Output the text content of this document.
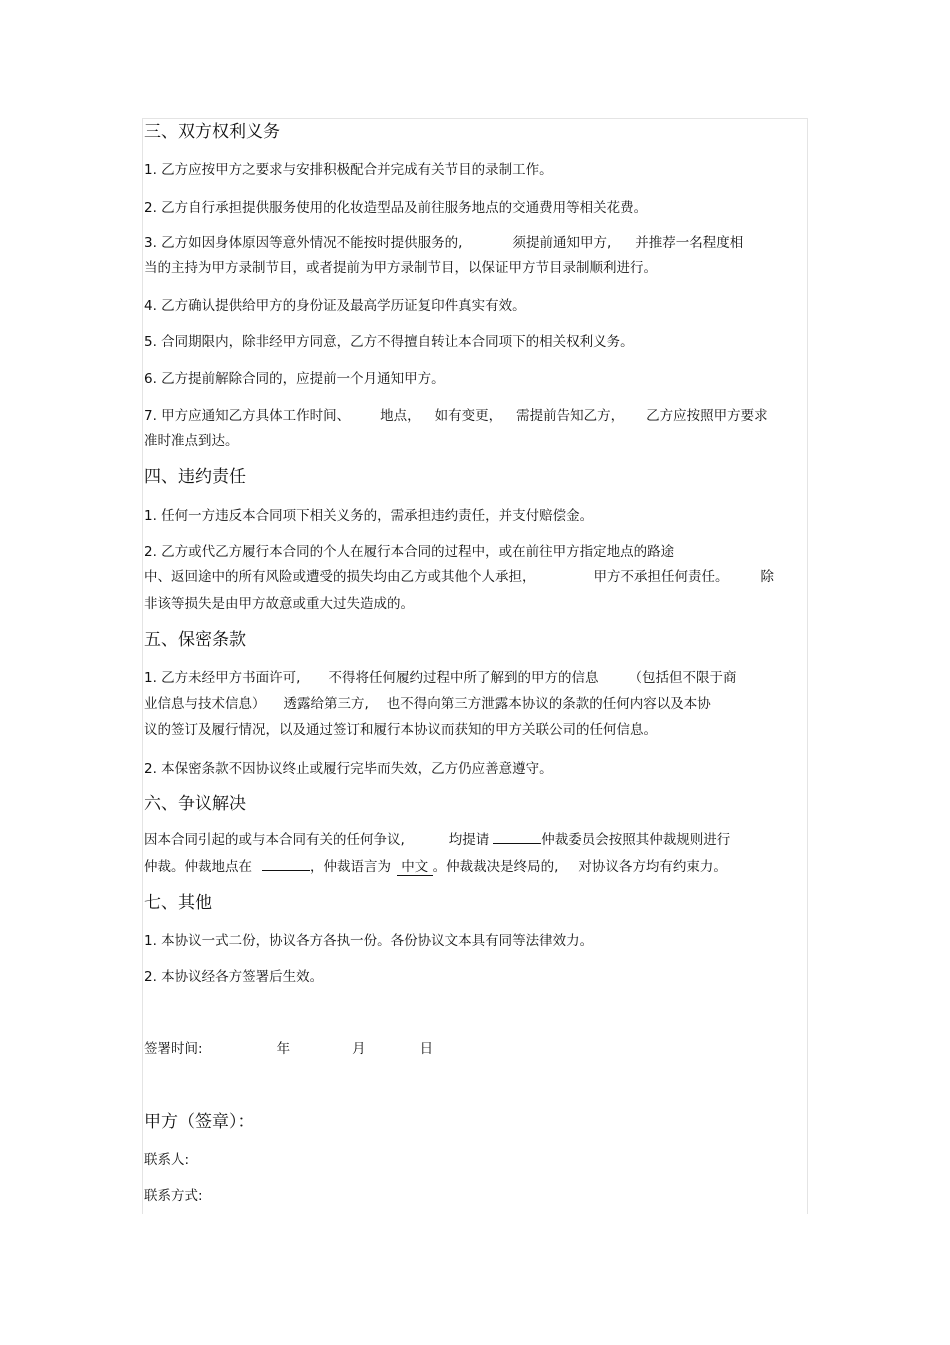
三、双方权利义务
1. 乙方应按甲方之要求与安排积极配合并完成有关节目的录制工作。
2. 乙方自行承担提供服务使用的化妆造型品及前往服务地点的交通费用等相关花费。
3. 乙方如因身体原因等意外情况不能按时提供服务的,	须提前通知甲方, 并推荐一名程度相
当的主持为甲方录制节目，或者提前为甲方录制节目，以保证甲方节目录制顺利进行。
4. 乙方确认提供给甲方的身份证及最高学历证复印件真实有效。
5. 合同期限内，除非经甲方同意，乙方不得擅自转让本合同项下的相关权利义务。
6. 乙方提前解除合同的，应提前一个月通知甲方。
7. 甲方应通知乙方具体工作时间、 地点， 如有变更， 需提前告知乙方， 乙方应按照甲方要求
准时准点到达。
四、违约责任
1. 任何一方违反本合同项下相关义务的，需承担违约责任，并支付赔偿金。
2. 乙方或代乙方履行本合同的个人在履行本合同的过程中，或在前往甲方指定地点的路途
中、返回途中的所有风险或遭受的损失均由乙方或其他个人承担，	甲方不承担任何责任。 除
非该等损失是由甲方故意或重大过失造成的。
五、保密条款
1. 乙方未经甲方书面许可, 不得将任何履约过程中所了解到的甲方的信息 （包括但不限于商
业信息与技术信息） 透露给第三方, 也不得向第三方泄露本协议的条款的任何内容以及本协
议的签订及履行情况，以及通过签订和履行本协议而获知的甲方关联公司的任何信息。
2. 本保密条款不因协议终止或履行完毕而失效，乙方仍应善意遵守。
六、争议解决
因本合同引起的或与本合同有关的任何争议,	均提请	仲裁委员会按照其仲裁规则进行
仲裁。仲裁地点在	，仲裁语言为 中文 。仲裁裁决是终局的, 对协议各方均有约束力。
七、其他
1. 本协议一式二份，协议各方各执一份。各份协议文本具有同等法律效力。
2. 本协议经各方签署后生效。
签署时间:	年	月	日
甲方（签章）：
联系人:
联系方式:
